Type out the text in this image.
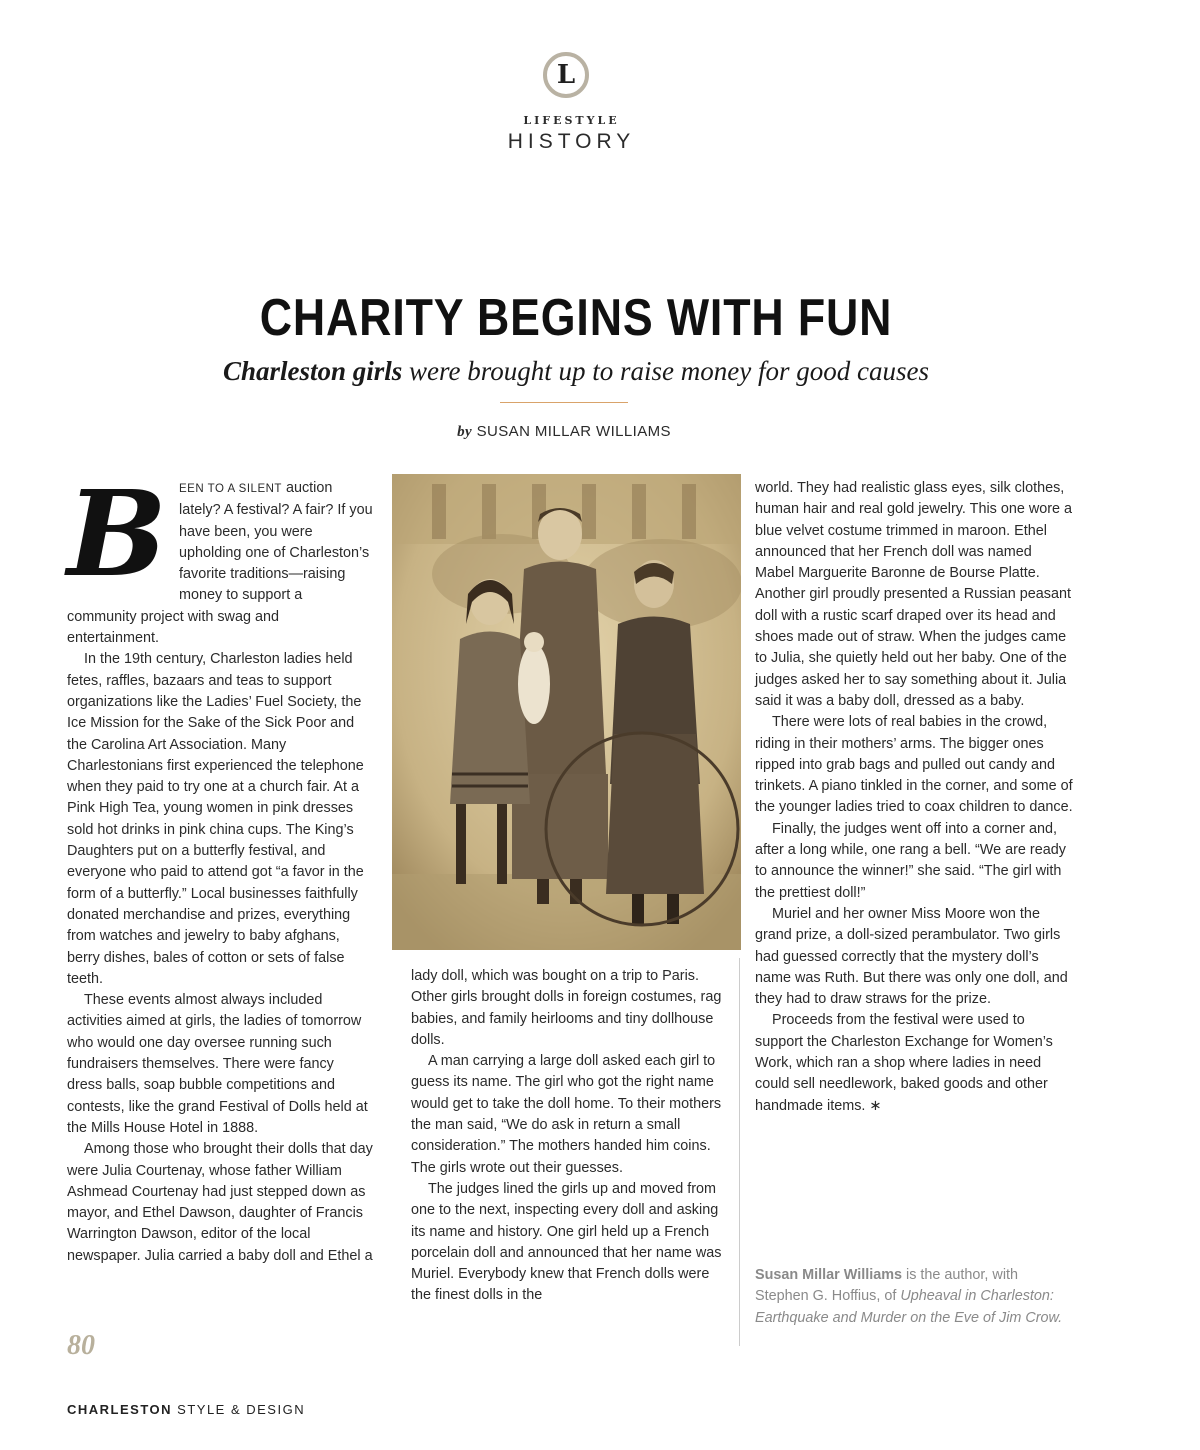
L
LIFESTYLE
HISTORY
CHARITY BEGINS WITH FUN
Charleston girls were brought up to raise money for good causes
by SUSAN MILLAR WILLIAMS

B	EEN TO A SILENT auction lately? A festival? A fair? If you have been, you were upholding one of Charleston’s favorite traditions—raising money to support a community project with swag and entertainment.

In the 19th century, Charleston ladies held fetes, raffles, bazaars and teas to support organizations like the Ladies’ Fuel Society, the Ice Mission for the Sake of the Sick Poor and the Carolina Art Association. Many Charlestonians first experienced the telephone when they paid to try one at a church fair. At a Pink High Tea, young women in pink dresses sold hot drinks in pink china cups. The King’s Daughters put on a butterfly festival, and everyone who paid to attend got “a favor in the form of a butterfly.” Local businesses faithfully donated merchandise and prizes, everything from watches and jewelry to baby afghans, berry dishes, bales of cotton or sets of false teeth.

These events almost always included activities aimed at girls, the ladies of tomorrow who would one day oversee running such fundraisers themselves. There were fancy dress balls, soap bubble competitions and contests, like the grand Festival of Dolls held at the Mills House Hotel in 1888.

Among those who brought their dolls that day were Julia Courtenay, whose father William Ashmead Courtenay had just stepped down as mayor, and Ethel Dawson, daughter of Francis Warrington Dawson, editor of the local newspaper. Julia carried a baby doll and Ethel a

lady doll, which was bought on a trip to Paris. Other girls brought dolls in foreign costumes, rag babies, and family heirlooms and tiny dollhouse dolls.

A man carrying a large doll asked each girl to guess its name. The girl who got the right name would get to take the doll home. To their mothers the man said, “We do ask in return a small consideration.” The mothers handed him coins. The girls wrote out their guesses.

The judges lined the girls up and moved from one to the next, inspecting every doll and asking its name and history. One girl held up a French porcelain doll and announced that her name was Muriel. Everybody knew that French dolls were the finest dolls in the

world. They had realistic glass eyes, silk clothes, human hair and real gold jewelry. This one wore a blue velvet costume trimmed in maroon. Ethel announced that her French doll was named Mabel Marguerite Baronne de Bourse Platte. Another girl proudly presented a Russian peasant doll with a rustic scarf draped over its head and shoes made out of straw. When the judges came to Julia, she quietly held out her baby. One of the judges asked her to say something about it. Julia said it was a baby doll, dressed as a baby.

There were lots of real babies in the crowd, riding in their mothers’ arms. The bigger ones ripped into grab bags and pulled out candy and trinkets. A piano tinkled in the corner, and some of the younger ladies tried to coax children to dance.

Finally, the judges went off into a corner and, after a long while, one rang a bell. “We are ready to announce the winner!” she said. “The girl with the prettiest doll!”

Muriel and her owner Miss Moore won the grand prize, a doll-sized perambulator. Two girls had guessed correctly that the mystery doll’s name was Ruth. But there was only one doll, and they had to draw straws for the prize.

Proceeds from the festival were used to support the Charleston Exchange for Women’s Work, which ran a shop where ladies in need could sell needlework, baked goods and other handmade items. ∗

Susan Millar Williams is the author, with Stephen G. Hoffius, of Upheaval in Charleston: Earthquake and Murder on the Eve of Jim Crow.
80
CHARLESTON STYLE & DESIGN
